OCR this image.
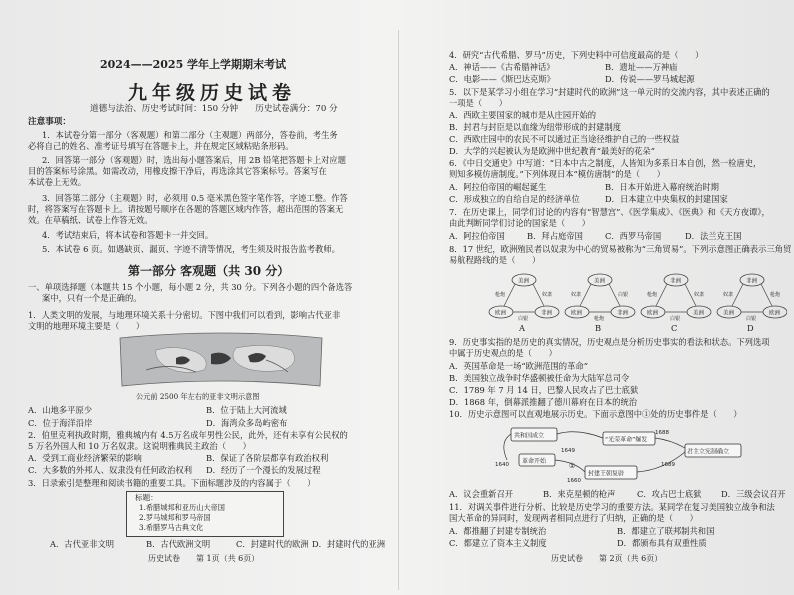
2024——2025 学年上学期期末考试
九年级历史试卷
道德与法治、历史考试时间：150 分钟　　历史试卷满分：70 分
注意事项：
1．本试卷分第一部分（客观题）和第二部分（主观题）两部分，答卷前，考生务
必将自己的姓名、准考证号填写在答题卡上，并在规定区域粘贴条形码。
2．回答第一部分（客观题）时，选出每小题答案后，用 2B 铅笔把答题卡上对应题
目的答案标号涂黑。如需改动，用橡皮擦干净后，再选涂其它答案标号。答案写在
本试卷上无效。
3．回答第二部分（主观题）时，必须用 0.5 毫米黑色签字笔作答，字迹工整。作答
时，将答案写在答题卡上。请按题号顺序在各题的答题区域内作答，超出范围的答案无
效。在草稿纸、试卷上作答无效。
4．考试结束后，将本试卷和答题卡一并交回。
5．本试卷 6 页。如遇缺页、漏页、字迹不清等情况，考生须及时报告监考教师。
第一部分 客观题（共 30 分）
一、单项选择题（本题共 15 个小题，每小题 2 分，共 30 分。下列各小题的四个备选答
案中，只有一个是正确的。
1．人类文明的发展，与地理环境关系十分密切。下图中我们可以看到，影响古代亚非
文明的地理环境主要是（　　）
公元前 2500 年左右的亚非文明示意图
A．山地多平原少	B．位于陆上大河流域
C．位于海洋沿岸	D．海湾众多岛屿密布
2．伯里克利执政时期，雅典城内有 4.5万名成年男性公民，此外，还有未享有公民权的
5 万名外国人和 10 万名奴隶。这说明雅典民主政治（　　）
A．受到工商业经济繁荣的影响	B．保证了各阶层都享有政治权利
C．大多数的外邦人、奴隶没有任何政治权利 D．经历了一个漫长的发展过程
3．日录索引是整理和阅读书籍的重要工具。下面标题涉及的内容属于（　　）
标题：
1.希腊城邦和亚历山大帝国
2.罗马城邦和罗马帝国
3.希腊罗马古典文化
A．古代亚非文明	B．古代欧洲文明	C．封建时代的欧洲 D．封建时代的亚洲
历史试卷　　第 1页（共 6页）
4．研究“古代希腊、罗马”历史，下列史料中可信度最高的是（　　）
A．神话——《古希腊神话》	B．遗址——万神庙
C．电影——《斯巴达克斯》	D．传说——罗马城起源
5．以下是某学习小组在学习“封建时代的欧洲”这一单元时的交流内容，其中表述正确的
一项是（　　）
A．西欧主要国家的城市是从庄园开始的
B．封君与封臣是以血缘为纽带形成的封建制度
C．西欧庄园中的农民不可以通过正当途径维护自己的一些权益
D．大学的兴起被认为是欧洲中世纪教育“最美好的花朵”
6．《中日交通史》中写道：“日本中古之制度，人皆知为多系日本自创，然一检唐史，
则知多模仿唐制度。”下列体现日本“模仿唐制”的是（　　）
A．阿拉伯帝国的崛起诞生	B．日本开始进入幕府统治时期
C．形成独立的自给自足的经济单位	D．日本建立中央集权的封建国家
7．在历史课上，同学们讨论的内容有“智慧宫”、《医学集成》、《医典》和《天方夜谭》，
由此判断同学们讨论的国家是（　　）
A．阿拉伯帝国	B．拜占庭帝国	C．西罗马帝国	D．法兰克王国
8．17 世纪，欧洲殖民者以奴隶为中心的贸易被称为“三角贸易”。下列示意图正确表示三角贸
易航程路线的是（　　）
美洲
欧洲	非洲
枪炮	奴隶
白银
美洲
欧洲	非洲
奴隶	白银
枪炮
非洲
欧洲	美洲
枪炮	奴隶
白银
非洲
美洲	欧洲
奴隶	枪炮
白银
A	B	C	D
9．历史事实指的是历史的真实情况，历史观点是分析历史事实的看法和状态。下列选项
中属于历史观点的是（　　）
A．英国革命是一场“欧洲范围的革命”
B．美国独立战争时华盛顿被任命为大陆军总司令
C．1789 年 7 月 14 日，巴黎人民攻占了巴士底狱
D．1868 年，倒幕派推翻了德川幕府在日本的统治
10．历史示意图可以直观地展示历史。下面示意图中①处的历史事件是（　　）
共和国成立
革命开始
“光荣革命”爆发
封建王朝复辟
君主立宪制确立
1640
1649
1660
1688
1689
①
A．议会重新召开	B．来克星顿的枪声	C．攻占巴士底狱 D．三级会议召开
11．对调关事件进行分析、比较是历史学习的重要方法。某同学在复习美国独立战争和法
国大革命的异同时，发现两者相同点进行了归纳，正确的是（　　）
A．都推翻了封建专制统治	B．都建立了联邦制共和国
C．都建立了资本主义制度	D．都颁布具有双重性质
历史试卷　　第 2页（共 6页）
